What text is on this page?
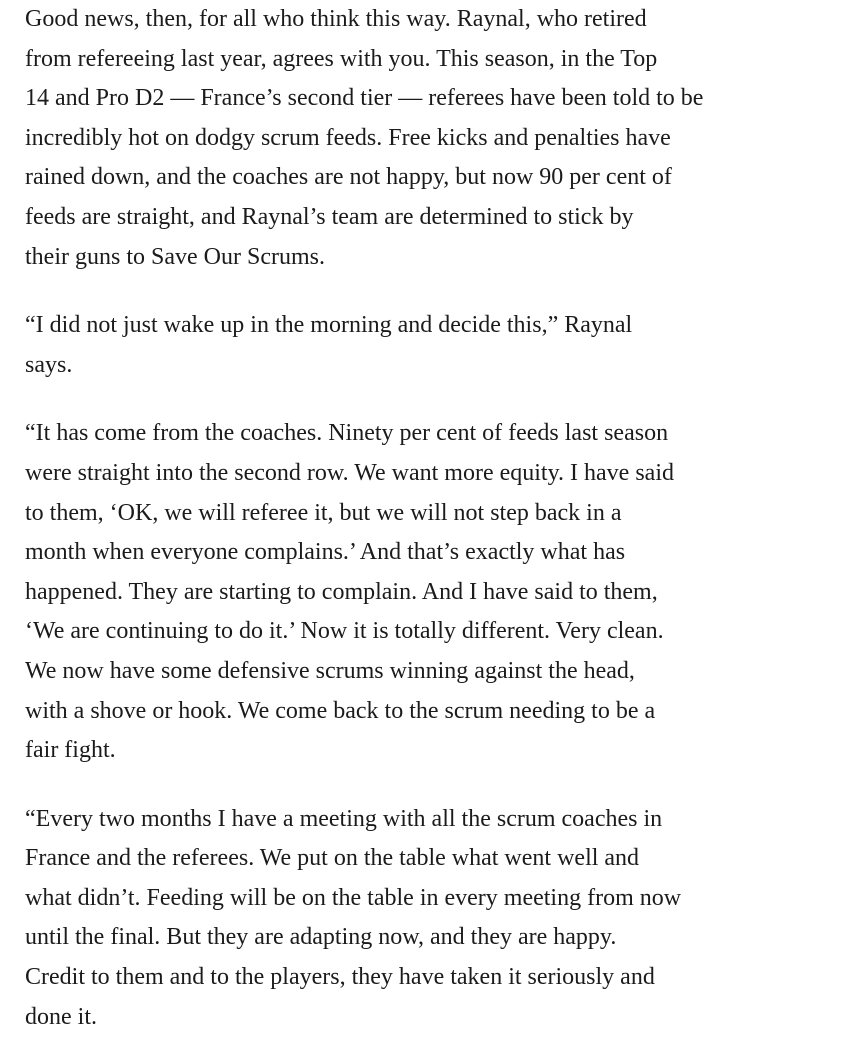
Good news, then, for all who think this way. Raynal, who retired
from refereeing last year, agrees with you. This season, in the Top
14 and Pro D2 — France’s second tier — referees have been told to be
incredibly hot on dodgy scrum feeds. Free kicks and penalties have
rained down, and the coaches are not happy, but now 90 per cent of
feeds are straight, and Raynal’s team are determined to stick by
their guns to Save Our Scrums.

“I did not just wake up in the morning and decide this,” Raynal
says.

“It has come from the coaches. Ninety per cent of feeds last season
were straight into the second row. We want more equity. I have said
to them, ‘OK, we will referee it, but we will not step back in a
month when everyone complains.’ And that’s exactly what has
happened. They are starting to complain. And I have said to them,
‘We are continuing to do it.’ Now it is totally different. Very clean.
We now have some defensive scrums winning against the head,
with a shove or hook. We come back to the scrum needing to be a
fair fight.

“Every two months I have a meeting with all the scrum coaches in
France and the referees. We put on the table what went well and
what didn’t. Feeding will be on the table in every meeting from now
until the final. But they are adapting now, and they are happy.
Credit to them and to the players, they have taken it seriously and
done it.
